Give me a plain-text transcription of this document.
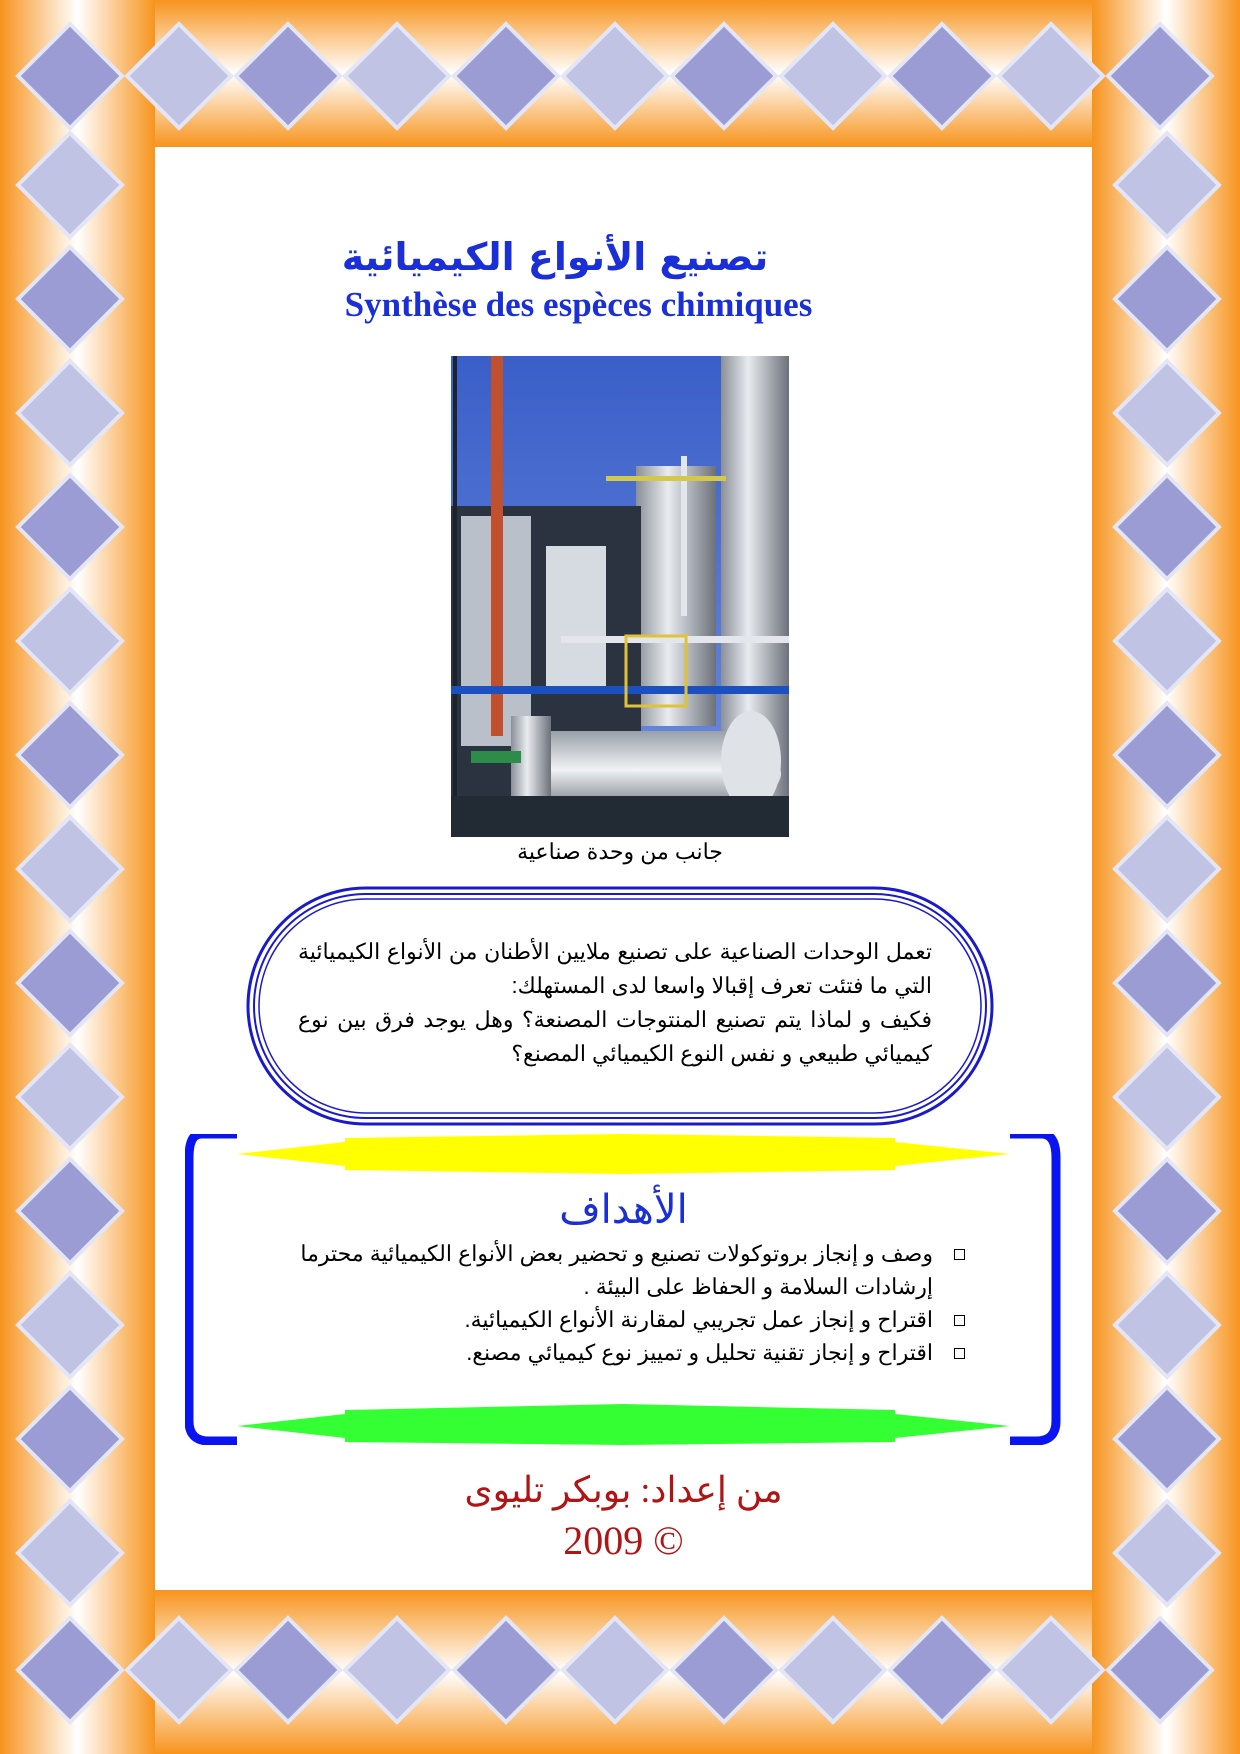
تصنيع الأنواع الكيميائية
Synthèse des espèces chimiques
جانب من وحدة صناعية

تعمل الوحدات الصناعية على تصنيع ملايين الأطنان من الأنواع الكيميائية التي ما فتئت تعرف إقبالا واسعا لدى المستهلك:

فكيف و لماذا يتم تصنيع المنتوجات المصنعة؟ وهل يوجد فرق بين نوع كيميائي طبيعي و نفس النوع الكيميائي المصنع؟

الأهداف
وصف و إنجاز بروتوكولات تصنيع و تحضير بعض الأنواع الكيميائية محترما إرشادات السلامة و الحفاظ على البيئة .
اقتراح و إنجاز عمل تجريبي لمقارنة الأنواع الكيميائية.
اقتراح و إنجاز تقنية تحليل و تمييز نوع كيميائي مصنع.
من إعداد: بوبكر تليوى
2009 ©
